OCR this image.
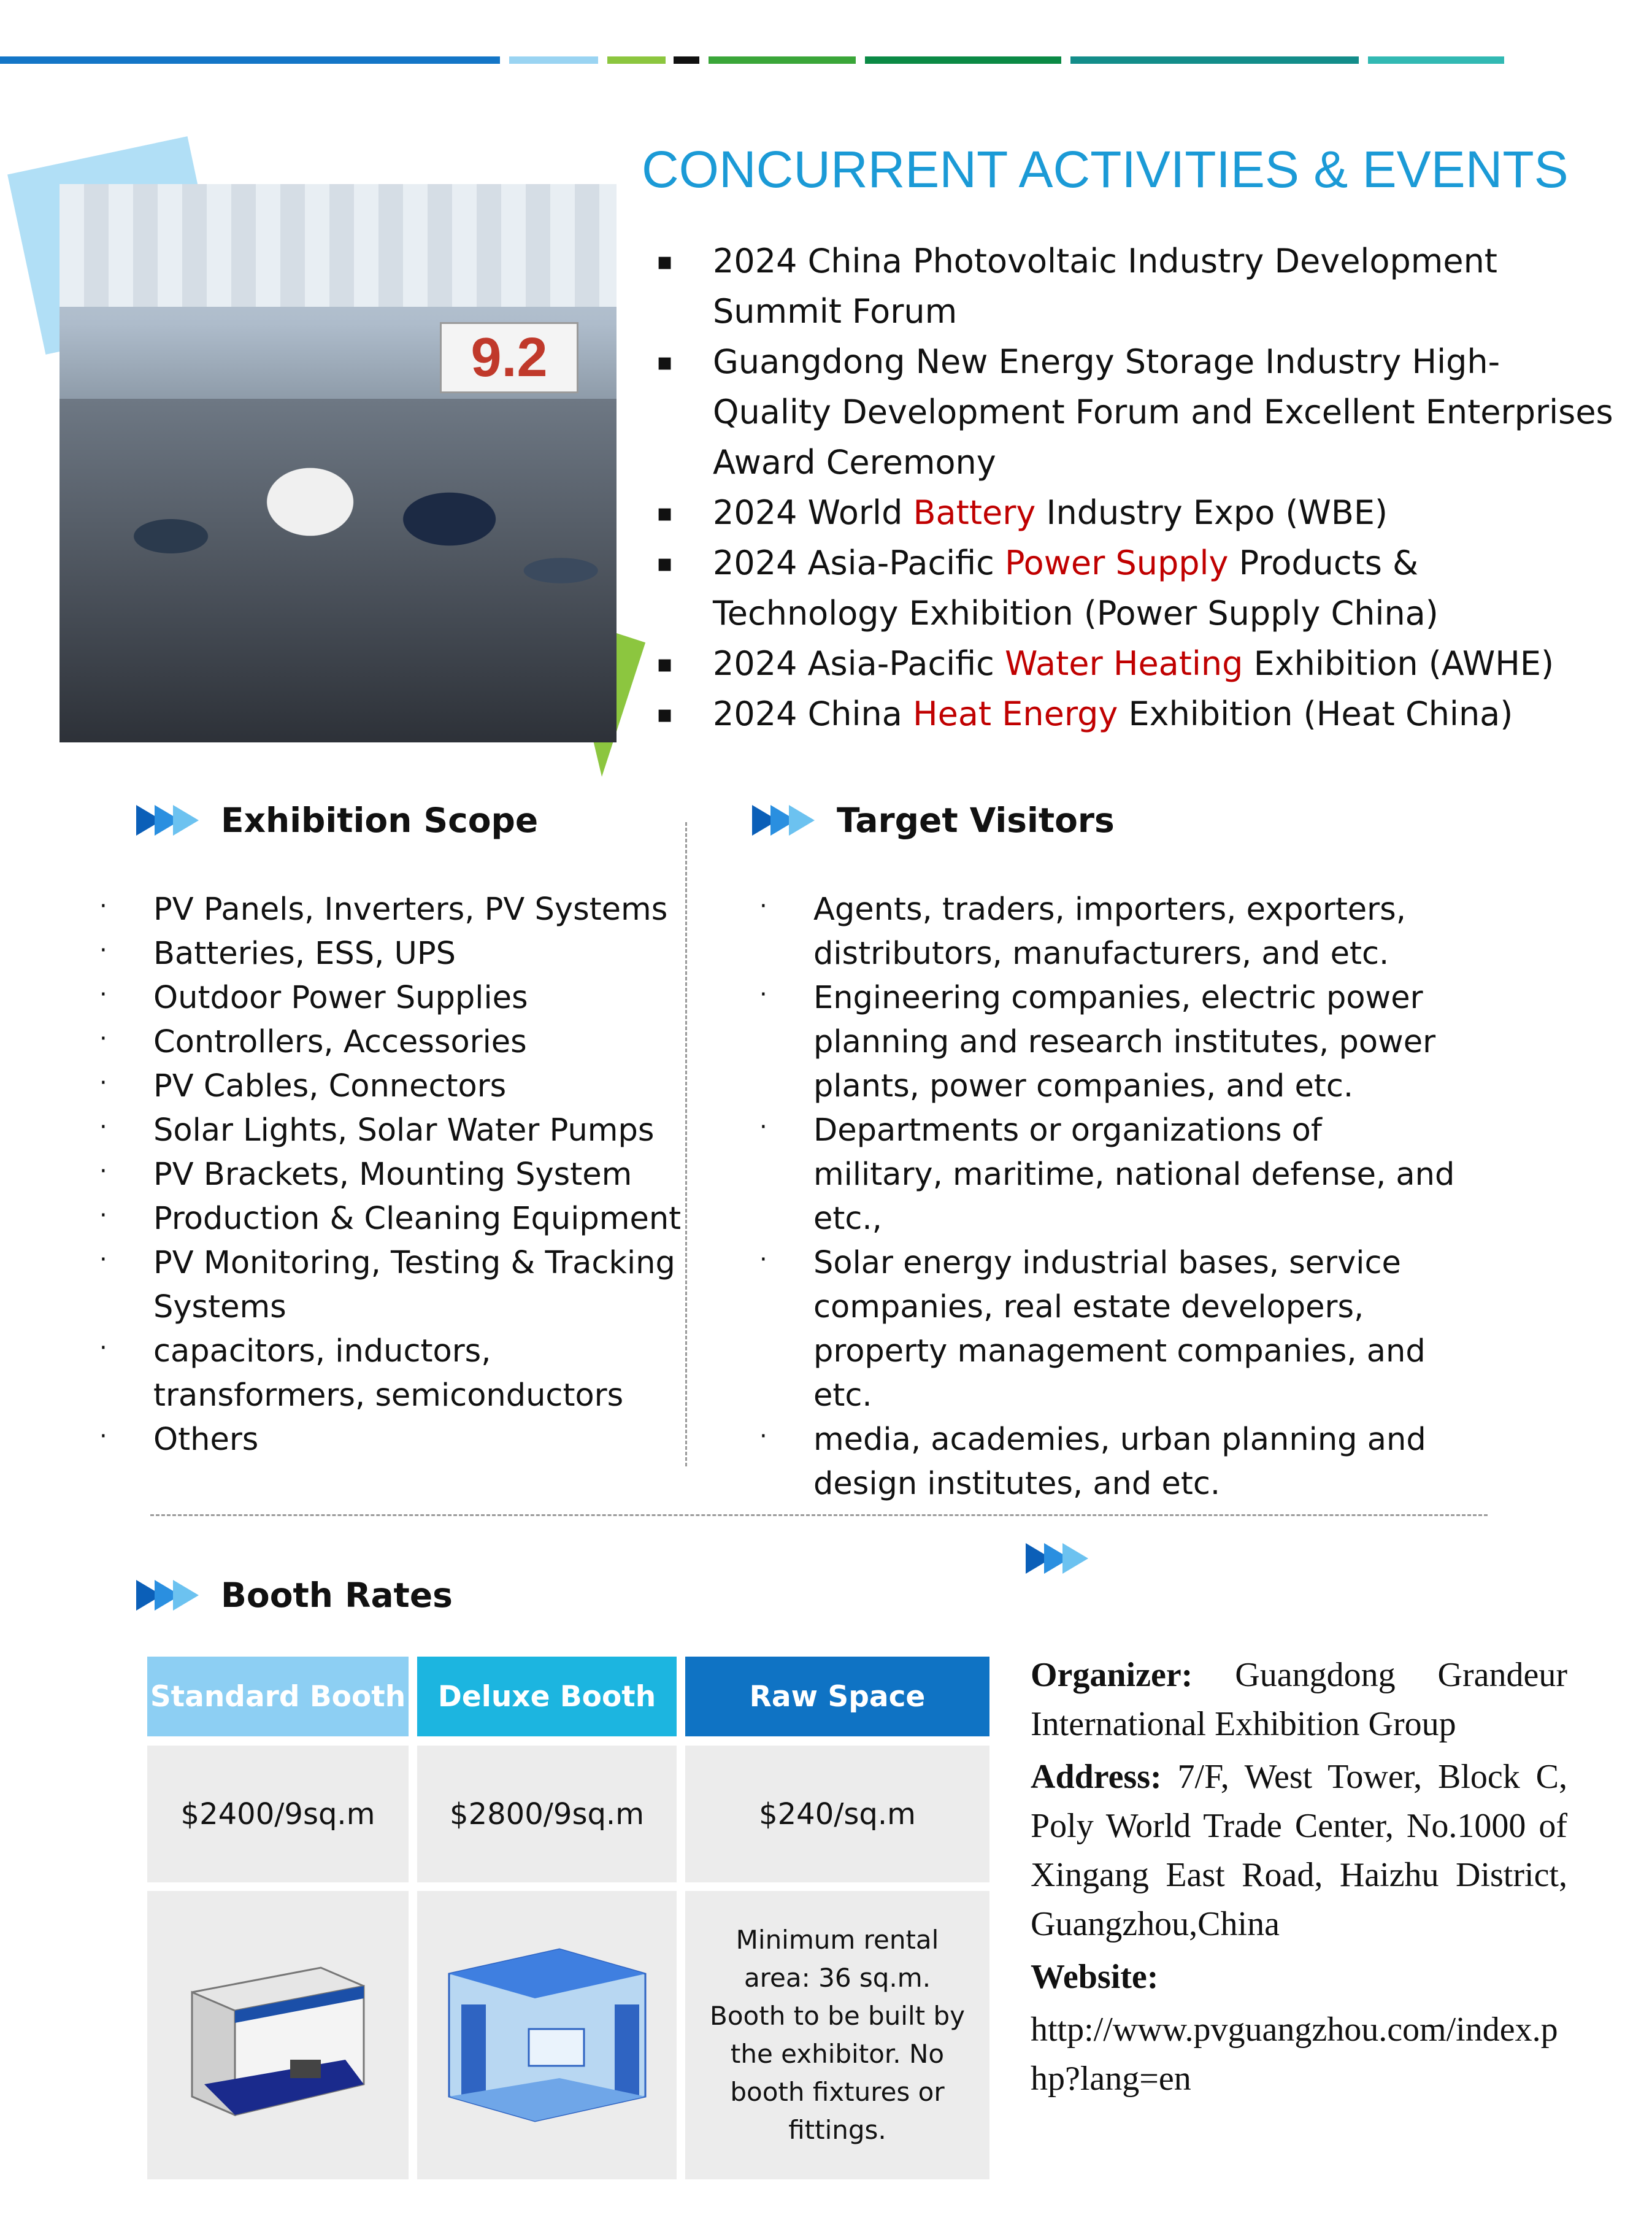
9.2
CONCURRENT ACTIVITIES & EVENTS
▪ 2024 China Photovoltaic Industry Development Summit Forum
▪ Guangdong New Energy Storage Industry High-Quality Development Forum and Excellent Enterprises Award Ceremony
▪ 2024 World Battery Industry Expo (WBE)
▪ 2024 Asia-Pacific Power Supply Products & Technology Exhibition (Power Supply China)
▪ 2024 Asia-Pacific Water Heating Exhibition (AWHE)
▪ 2024 China Heat Energy Exhibition (Heat China)
Exhibition Scope
· PV Panels, Inverters, PV Systems
· Batteries, ESS, UPS
· Outdoor Power Supplies
· Controllers, Accessories
· PV Cables, Connectors
· Solar Lights, Solar Water Pumps
· PV Brackets, Mounting System
· Production & Cleaning Equipment
· PV Monitoring, Testing & Tracking Systems
· capacitors, inductors, transformers, semiconductors
· Others
Target Visitors
· Agents, traders, importers, exporters, distributors, manufacturers, and etc.
· Engineering companies, electric power planning and research institutes, power plants, power companies, and etc.
· Departments or organizations of military, maritime, national defense, and etc.,
· Solar energy industrial bases, service companies, real estate developers, property management companies, and etc.
· media, academies, urban planning and design institutes, and etc.
Booth Rates
Standard Booth	Deluxe Booth	Raw Space
$2400/9sq.m	$2800/9sq.m	$240/sq.m
Minimum rental area: 36 sq.m. Booth to be built by the exhibitor. No booth fixtures or fittings.

Organizer: Guangdong Grandeur International Exhibition Group

Address: 7/F, West Tower, Block C, Poly World Trade Center, No.1000 of Xingang East Road, Haizhu District, Guangzhou,China

Website:

http://www.pvguangzhou.com/index.php?lang=en
